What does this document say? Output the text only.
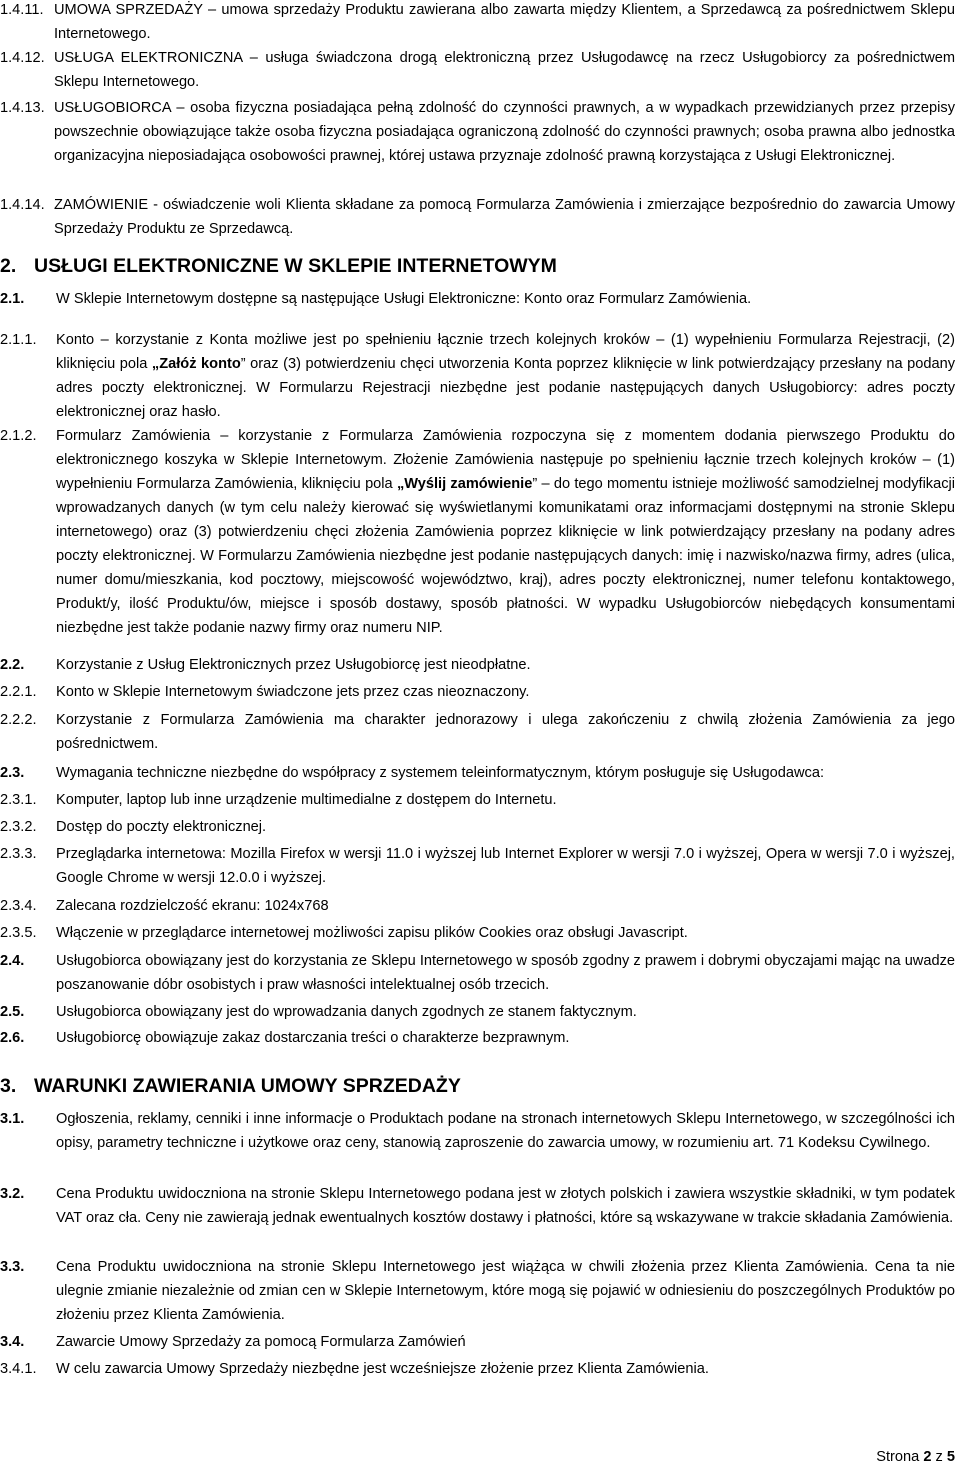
1.4.11. UMOWA SPRZEDAŻY – umowa sprzedaży Produktu zawierana albo zawarta między Klientem, a Sprzedawcą za pośrednictwem Sklepu Internetowego.
1.4.12. USŁUGA ELEKTRONICZNA – usługa świadczona drogą elektroniczną przez Usługodawcę na rzecz Usługobiorcy za pośrednictwem Sklepu Internetowego.
1.4.13. USŁUGOBIORCA – osoba fizyczna posiadająca pełną zdolność do czynności prawnych, a w wypadkach przewidzianych przez przepisy powszechnie obowiązujące także osoba fizyczna posiadająca ograniczoną zdolność do czynności prawnych; osoba prawna albo jednostka organizacyjna nieposiadająca osobowości prawnej, której ustawa przyznaje zdolność prawną korzystająca z Usługi Elektronicznej.
1.4.14. ZAMÓWIENIE - oświadczenie woli Klienta składane za pomocą Formularza Zamówienia i zmierzające bezpośrednio do zawarcia Umowy Sprzedaży Produktu ze Sprzedawcą.
2. USŁUGI ELEKTRONICZNE W SKLEPIE INTERNETOWYM
2.1.	W Sklepie Internetowym dostępne są następujące Usługi Elektroniczne: Konto oraz Formularz Zamówienia.
2.1.1.	Konto – korzystanie z Konta możliwe jest po spełnieniu łącznie trzech kolejnych kroków – (1) wypełnieniu Formularza Rejestracji, (2) kliknięciu pola „Załóż konto” oraz (3) potwierdzeniu chęci utworzenia Konta poprzez kliknięcie w link potwierdzający przesłany na podany adres poczty elektronicznej. W Formularzu Rejestracji niezbędne jest podanie następujących danych Usługobiorcy: adres poczty elektronicznej oraz hasło.
2.1.2.	Formularz Zamówienia – korzystanie z Formularza Zamówienia rozpoczyna się z momentem dodania pierwszego Produktu do elektronicznego koszyka w Sklepie Internetowym. Złożenie Zamówienia następuje po spełnieniu łącznie trzech kolejnych kroków – (1) wypełnieniu Formularza Zamówienia, kliknięciu pola „Wyślij zamówienie” – do tego momentu istnieje możliwość samodzielnej modyfikacji wprowadzanych danych (w tym celu należy kierować się wyświetlanymi komunikatami oraz informacjami dostępnymi na stronie Sklepu internetowego) oraz (3) potwierdzeniu chęci złożenia Zamówienia poprzez kliknięcie w link potwierdzający przesłany na podany adres poczty elektronicznej. W Formularzu Zamówienia niezbędne jest podanie następujących danych: imię i nazwisko/nazwa firmy, adres (ulica, numer domu/mieszkania, kod pocztowy, miejscowość województwo, kraj), adres poczty elektronicznej, numer telefonu kontaktowego, Produkt/y, ilość Produktu/ów, miejsce i sposób dostawy, sposób płatności. W wypadku Usługobiorców niebędących konsumentami niezbędne jest także podanie nazwy firmy oraz numeru NIP.
2.2.	Korzystanie z Usług Elektronicznych przez Usługobiorcę jest nieodpłatne.
2.2.1.	Konto w Sklepie Internetowym świadczone jets przez czas nieoznaczony.
2.2.2.	Korzystanie z Formularza Zamówienia ma charakter jednorazowy i ulega zakończeniu z chwilą złożenia Zamówienia za jego pośrednictwem.
2.3.	Wymagania techniczne niezbędne do współpracy z systemem teleinformatycznym, którym posługuje się Usługodawca:
2.3.1.	Komputer, laptop lub inne urządzenie multimedialne z dostępem do Internetu.
2.3.2.	Dostęp do poczty elektronicznej.
2.3.3.	Przeglądarka internetowa: Mozilla Firefox w wersji 11.0 i wyższej lub Internet Explorer w wersji 7.0 i wyższej, Opera w wersji 7.0 i wyższej, Google Chrome w wersji 12.0.0 i wyższej.
2.3.4.	Zalecana rozdzielczość ekranu: 1024x768
2.3.5.	Włączenie w przeglądarce internetowej możliwości zapisu plików Cookies oraz obsługi Javascript.
2.4.	Usługobiorca obowiązany jest do korzystania ze Sklepu Internetowego w sposób zgodny z prawem i dobrymi obyczajami mając na uwadze poszanowanie dóbr osobistych i praw własności intelektualnej osób trzecich.
2.5.	Usługobiorca obowiązany jest do wprowadzania danych zgodnych ze stanem faktycznym.
2.6.	Usługobiorcę obowiązuje zakaz dostarczania treści o charakterze bezprawnym.
3. WARUNKI ZAWIERANIA UMOWY SPRZEDAŻY
3.1.	Ogłoszenia, reklamy, cenniki i inne informacje o Produktach podane na stronach internetowych Sklepu Internetowego, w szczególności ich opisy, parametry techniczne i użytkowe oraz ceny, stanowią zaproszenie do zawarcia umowy, w rozumieniu art. 71 Kodeksu Cywilnego.
3.2.	Cena Produktu uwidoczniona na stronie Sklepu Internetowego podana jest w złotych polskich i zawiera wszystkie składniki, w tym podatek VAT oraz cła. Ceny nie zawierają jednak ewentualnych kosztów dostawy i płatności, które są wskazywane w trakcie składania Zamówienia.
3.3.	Cena Produktu uwidoczniona na stronie Sklepu Internetowego jest wiążąca w chwili złożenia przez Klienta Zamówienia. Cena ta nie ulegnie zmianie niezależnie od zmian cen w Sklepie Internetowym, które mogą się pojawić w odniesieniu do poszczególnych Produktów po złożeniu przez Klienta Zamówienia.
3.4.	Zawarcie Umowy Sprzedaży za pomocą Formularza Zamówień
3.4.1.	W celu zawarcia Umowy Sprzedaży niezbędne jest wcześniejsze złożenie przez Klienta Zamówienia.
Strona 2 z 5
